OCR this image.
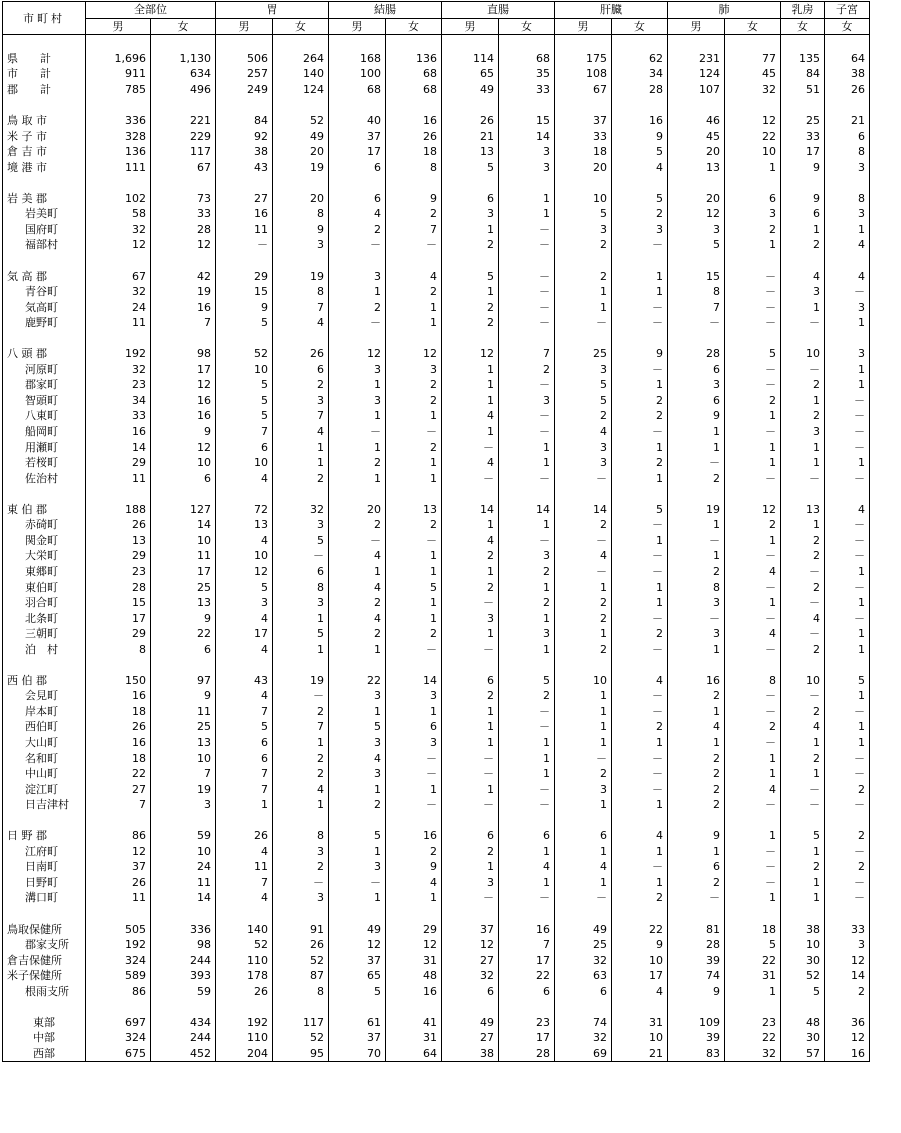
市町村	全部位		胃		結腸		直腸		肝臓		肺		乳房	子宮
	男	女	男	女	男	女	男	女	男	女	男	女	女	女

県　　計	1,696	1,130	506	264	168	136	114	68	175	62	231	77	135	64
市　　計	911	634	257	140	100	68	65	35	108	34	124	45	84	38
郡　　計	785	496	249	124	68	68	49	33	67	28	107	32	51	26

鳥 取 市	336	221	84	52	40	16	26	15	37	16	46	12	25	21
米 子 市	328	229	92	49	37	26	21	14	33	9	45	22	33	6
倉 吉 市	136	117	38	20	17	18	13	3	18	5	20	10	17	8
境 港 市	111	67	43	19	6	8	5	3	20	4	13	1	9	3

岩 美 郡	102	73	27	20	6	9	6	1	10	5	20	6	9	8
岩美町	58	33	16	8	4	2	3	1	5	2	12	3	6	3
国府町	32	28	11	9	2	7	1	－	3	3	3	2	1	1
福部村	12	12	－	3	－	－	2	－	2	－	5	1	2	4

気 高 郡	67	42	29	19	3	4	5	－	2	1	15	－	4	4
青谷町	32	19	15	8	1	2	1	－	1	1	8	－	3	－
気高町	24	16	9	7	2	1	2	－	1	－	7	－	1	3
鹿野町	11	7	5	4	－	1	2	－	－	－	－	－	－	1

八 頭 郡	192	98	52	26	12	12	12	7	25	9	28	5	10	3
河原町	32	17	10	6	3	3	1	2	3	－	6	－	－	1
郡家町	23	12	5	2	1	2	1	－	5	1	3	－	2	1
智頭町	34	16	5	3	3	2	1	3	5	2	6	2	1	－
八東町	33	16	5	7	1	1	4	－	2	2	9	1	2	－
船岡町	16	9	7	4	－	－	1	－	4	－	1	－	3	－
用瀬町	14	12	6	1	1	2	－	1	3	1	1	1	1	－
若桜町	29	10	10	1	2	1	4	1	3	2	－	1	1	1
佐治村	11	6	4	2	1	1	－	－	－	1	2	－	－	－

東 伯 郡	188	127	72	32	20	13	14	14	14	5	19	12	13	4
赤碕町	26	14	13	3	2	2	1	1	2	－	1	2	1	－
関金町	13	10	4	5	－	－	4	－	－	1	－	1	2	－
大栄町	29	11	10	－	4	1	2	3	4	－	1	－	2	－
東郷町	23	17	12	6	1	1	1	2	－	－	2	4	－	1
東伯町	28	25	5	8	4	5	2	1	1	1	8	－	2	－
羽合町	15	13	3	3	2	1	－	2	2	1	3	1	－	1
北条町	17	9	4	1	4	1	3	1	2	－	－	－	4	－
三朝町	29	22	17	5	2	2	1	3	1	2	3	4	－	1
泊　村	8	6	4	1	1	－	－	1	2	－	1	－	2	1

西 伯 郡	150	97	43	19	22	14	6	5	10	4	16	8	10	5
会見町	16	9	4	－	3	3	2	2	1	－	2	－	－	1
岸本町	18	11	7	2	1	1	1	－	1	－	1	－	2	－
西伯町	26	25	5	7	5	6	1	－	1	2	4	2	4	1
大山町	16	13	6	1	3	3	1	1	1	1	1	－	1	1
名和町	18	10	6	2	4	－	－	1	－	－	2	1	2	－
中山町	22	7	7	2	3	－	－	1	2	－	2	1	1	－
淀江町	27	19	7	4	1	1	1	－	3	－	2	4	－	2
日吉津村	7	3	1	1	2	－	－	－	1	1	2	－	－	－

日 野 郡	86	59	26	8	5	16	6	6	6	4	9	1	5	2
江府町	12	10	4	3	1	2	2	1	1	1	1	－	1	－
日南町	37	24	11	2	3	9	1	4	4	－	6	－	2	2
日野町	26	11	7	－	－	4	3	1	1	1	2	－	1	－
溝口町	11	14	4	3	1	1	－	－	－	2	－	1	1	－

鳥取保健所	505	336	140	91	49	29	37	16	49	22	81	18	38	33
郡家支所	192	98	52	26	12	12	12	7	25	9	28	5	10	3
倉吉保健所	324	244	110	52	37	31	27	17	32	10	39	22	30	12
米子保健所	589	393	178	87	65	48	32	22	63	17	74	31	52	14
根雨支所	86	59	26	8	5	16	6	6	6	4	9	1	5	2

東部	697	434	192	117	61	41	49	23	74	31	109	23	48	36
中部	324	244	110	52	37	31	27	17	32	10	39	22	30	12
西部	675	452	204	95	70	64	38	28	69	21	83	32	57	16
